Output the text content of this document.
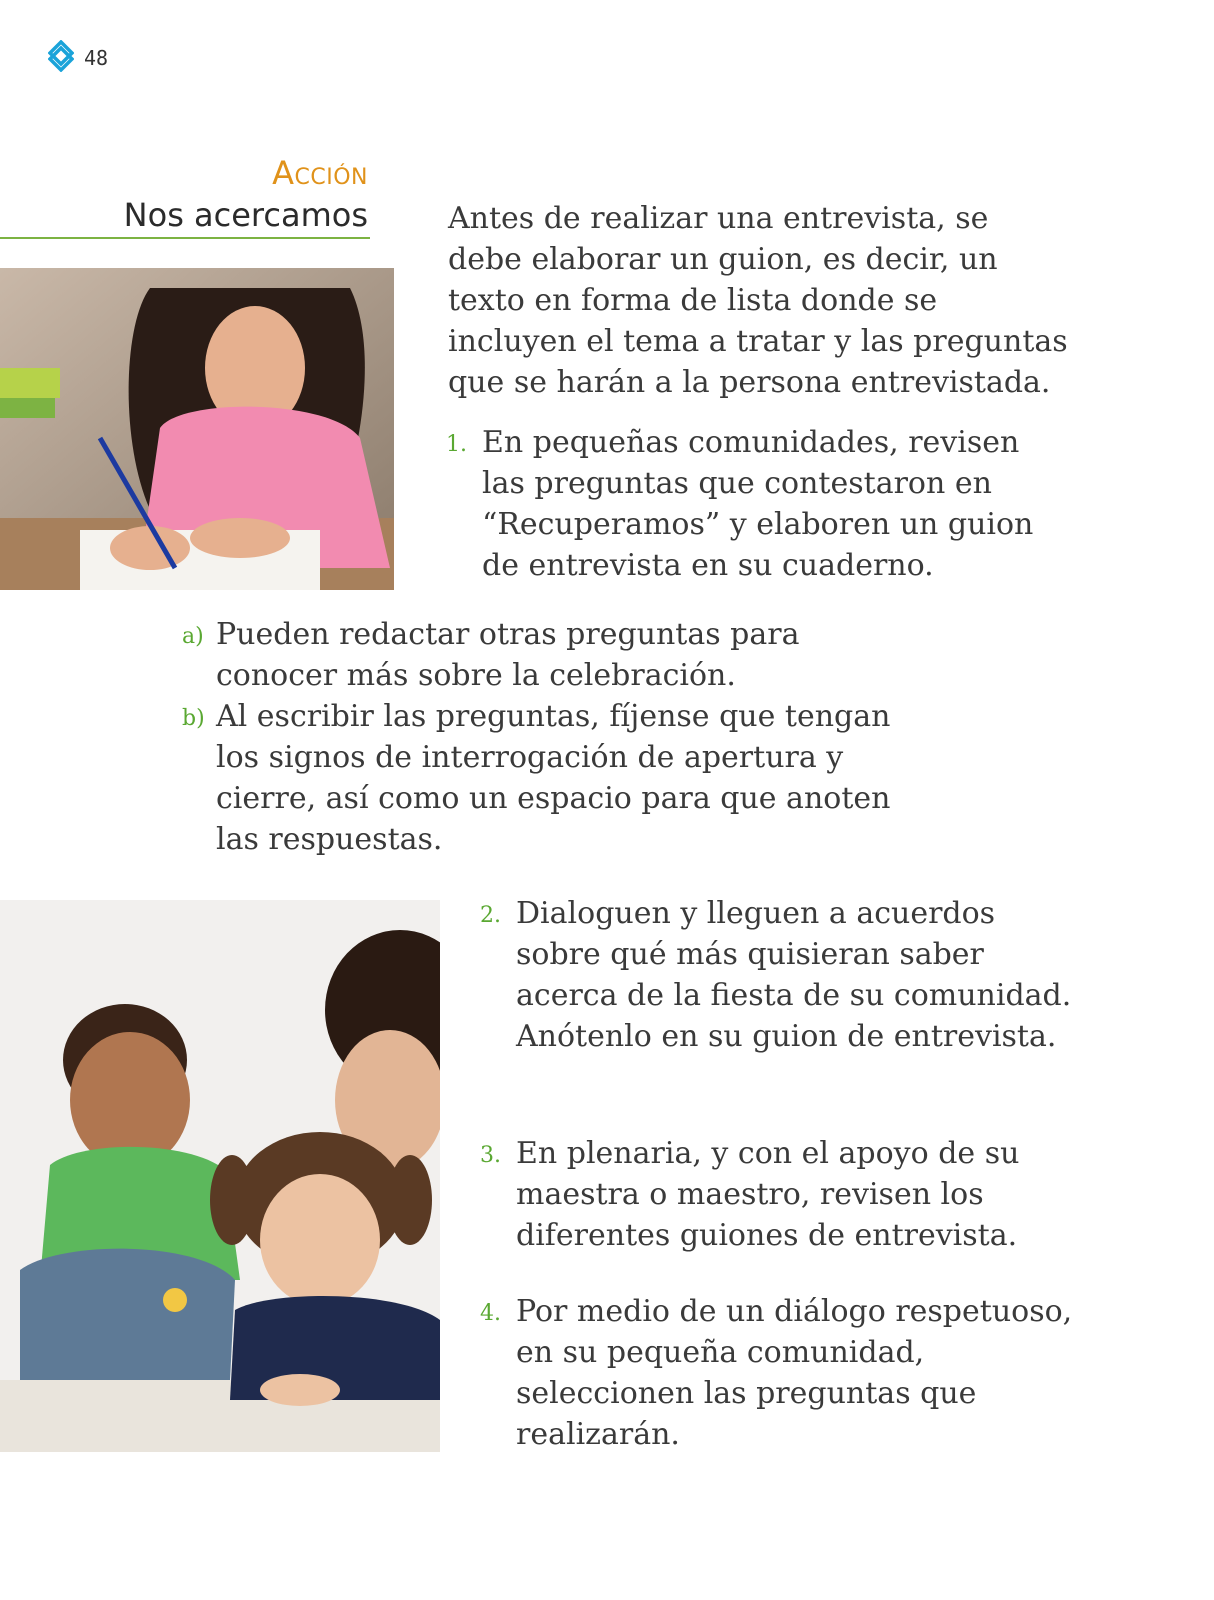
48
Acción
Nos acercamos	Antes de realizar una entrevista, se debe elaborar un guion, es decir, un texto en forma de lista donde se incluyen el tema a tratar y las preguntas que se harán a la persona entrevistada.
1. En pequeñas comunidades, revisen las preguntas que contestaron en “Recuperamos” y elaboren un guion de entrevista en su cuaderno.
a) Pueden redactar otras preguntas para conocer más sobre la celebración.
b) Al escribir las preguntas, fíjense que tengan los signos de interrogación de apertura y cierre, así como un espacio para que anoten las respuestas.
2. Dialoguen y lleguen a acuerdos sobre qué más quisieran saber acerca de la fiesta de su comunidad. Anótenlo en su guion de entrevista.
3. En plenaria, y con el apoyo de su maestra o maestro, revisen los diferentes guiones de entrevista.
4. Por medio de un diálogo respetuoso, en su pequeña comunidad, seleccionen las preguntas que realizarán.
